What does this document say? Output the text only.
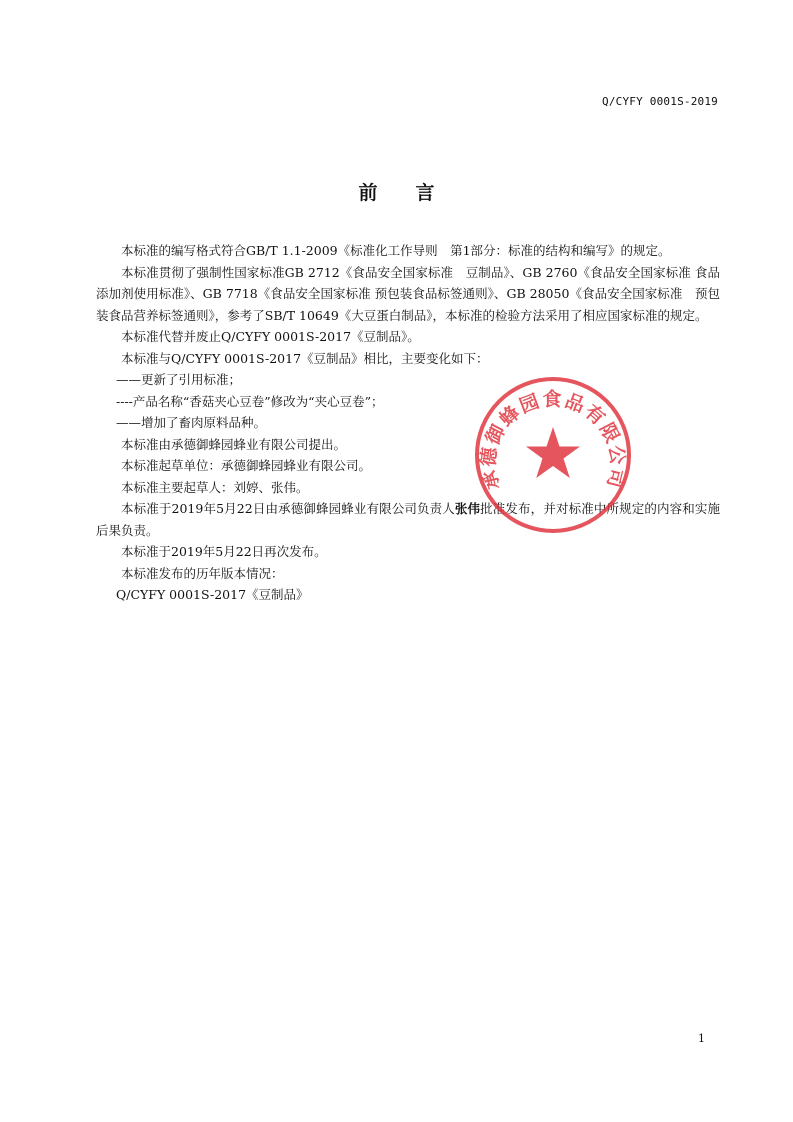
Q/CYFY 0001S-2019
前言

本标准的编写格式符合GB/T 1.1-2009《标准化工作导则　第1部分：标准的结构和编写》的规定。

本标准贯彻了强制性国家标准GB 2712《食品安全国家标准　豆制品》、GB 2760《食品安全国家标准 食品添加剂使用标准》、GB 7718《食品安全国家标准 预包装食品标签通则》、GB 28050《食品安全国家标准　预包装食品营养标签通则》，参考了SB/T 10649《大豆蛋白制品》，本标准的检验方法采用了相应国家标准的规定。

本标准代替并废止Q/CYFY 0001S-2017《豆制品》。

本标准与Q/CYFY 0001S-2017《豆制品》相比，主要变化如下：

——更新了引用标准；

----产品名称“香菇夹心豆卷”修改为“夹心豆卷”；

——增加了畜肉原料品种。

本标准由承德御蜂园蜂业有限公司提出。

本标准起草单位：承德御蜂园蜂业有限公司。

本标准主要起草人：刘婷、张伟。

本标准于2019年5月22日由承德御蜂园蜂业有限公司负责人张伟批准发布，并对标准中所规定的内容和实施后果负责。

本标准于2019年5月22日再次发布。

本标准发布的历年版本情况：

Q/CYFY 0001S-2017《豆制品》

承德御蜂园食品有限公司
1
